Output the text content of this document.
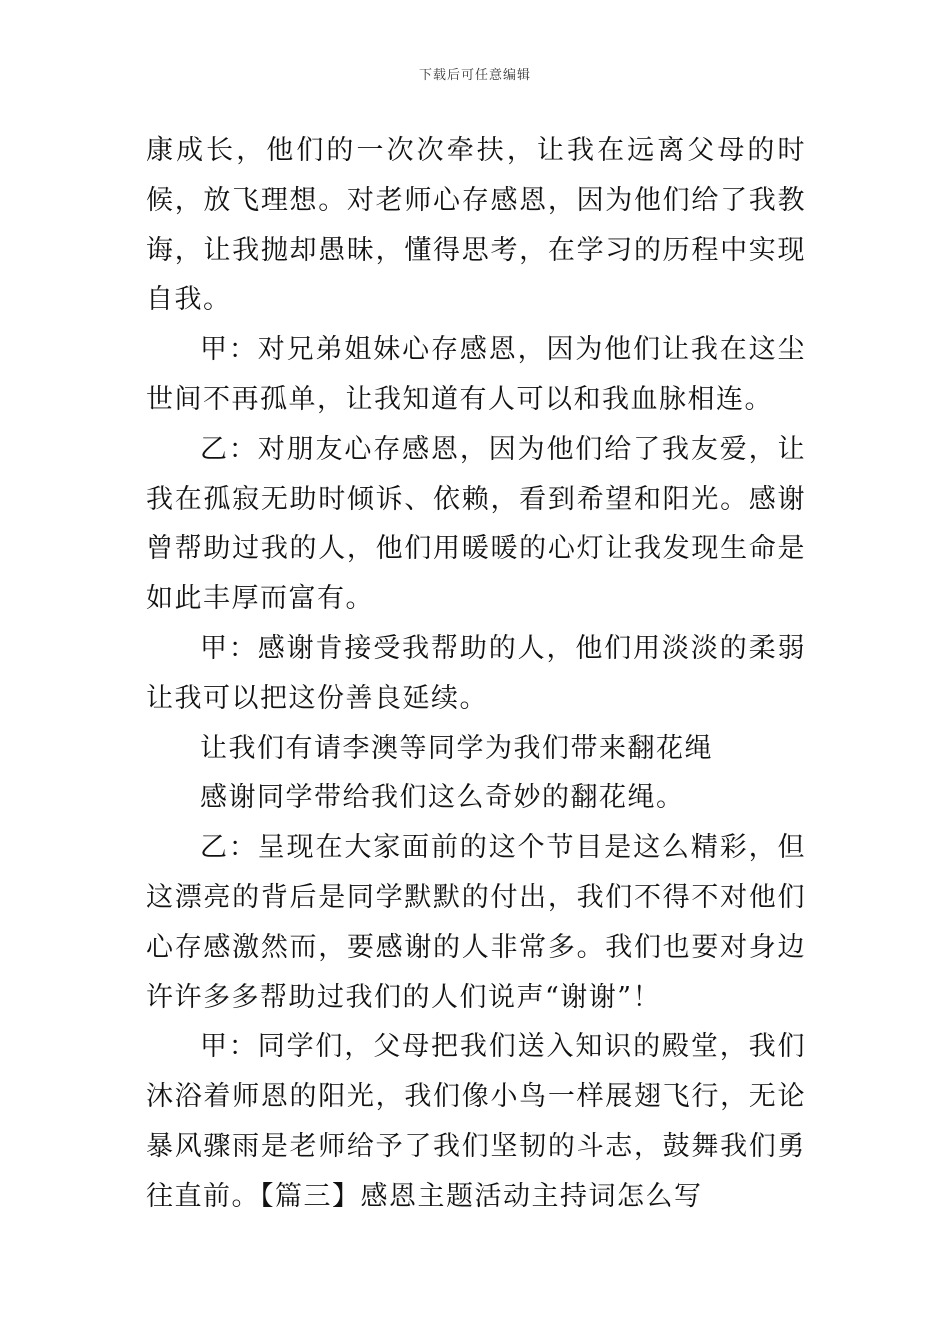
下载后可任意编辑

康成长，他们的一次次牵扶，让我在远离父母的时候，放飞理想。对老师心存感恩，因为他们给了我教诲，让我抛却愚昧，懂得思考，在学习的历程中实现自我。

甲：对兄弟姐妹心存感恩，因为他们让我在这尘世间不再孤单，让我知道有人可以和我血脉相连。

乙：对朋友心存感恩，因为他们给了我友爱，让我在孤寂无助时倾诉、依赖，看到希望和阳光。感谢曾帮助过我的人，他们用暖暖的心灯让我发现生命是如此丰厚而富有。

甲：感谢肯接受我帮助的人，他们用淡淡的柔弱让我可以把这份善良延续。

让我们有请李澳等同学为我们带来翻花绳

感谢同学带给我们这么奇妙的翻花绳。

乙：呈现在大家面前的这个节目是这么精彩，但这漂亮的背后是同学默默的付出，我们不得不对他们心存感激然而，要感谢的人非常多。我们也要对身边许许多多帮助过我们的人们说声“谢谢”！

甲：同学们，父母把我们送入知识的殿堂，我们沐浴着师恩的阳光，我们像小鸟一样展翅飞行，无论暴风骤雨是老师给予了我们坚韧的斗志，鼓舞我们勇往直前。【篇三】感恩主题活动主持词怎么写
